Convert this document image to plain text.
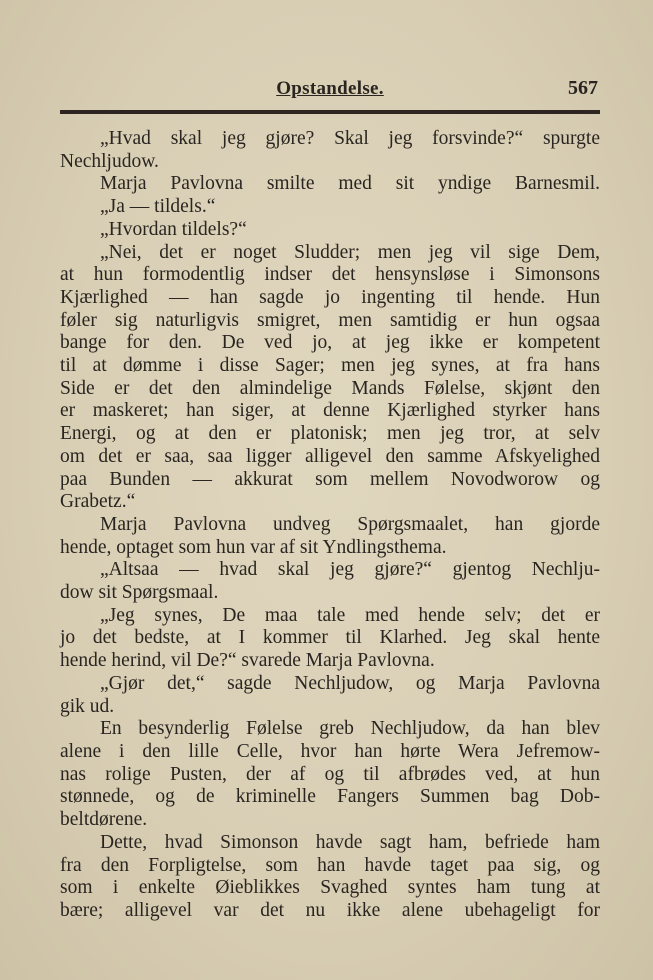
Opstandelse.	567
„Hvad skal jeg gjøre? Skal jeg forsvinde?“ spurgte
Nechljudow.
Marja Pavlovna smilte med sit yndige Barnesmil.
„Ja — tildels.“
„Hvordan tildels?“
„Nei, det er noget Sludder; men jeg vil sige Dem,
at hun formodentlig indser det hensynsløse i Simonsons
Kjærlighed — han sagde jo ingenting til hende. Hun
føler sig naturligvis smigret, men samtidig er hun ogsaa
bange for den. De ved jo, at jeg ikke er kompetent
til at dømme i disse Sager; men jeg synes, at fra hans
Side er det den almindelige Mands Følelse, skjønt den
er maskeret; han siger, at denne Kjærlighed styrker hans
Energi, og at den er platonisk; men jeg tror, at selv
om det er saa, saa ligger alligevel den samme Afskyelighed
paa Bunden — akkurat som mellem Novodworow og
Grabetz.“
Marja Pavlovna undveg Spørgsmaalet, han gjorde
hende, optaget som hun var af sit Yndlingsthema.
„Altsaa — hvad skal jeg gjøre?“ gjentog Nechlju-
dow sit Spørgsmaal.
„Jeg synes, De maa tale med hende selv; det er
jo det bedste, at I kommer til Klarhed. Jeg skal hente
hende herind, vil De?“ svarede Marja Pavlovna.
„Gjør det,“ sagde Nechljudow, og Marja Pavlovna
gik ud.
En besynderlig Følelse greb Nechljudow, da han blev
alene i den lille Celle, hvor han hørte Wera Jefremow-
nas rolige Pusten, der af og til afbrødes ved, at hun
stønnede, og de kriminelle Fangers Summen bag Dob-
beltdørene.
Dette, hvad Simonson havde sagt ham, befriede ham
fra den Forpligtelse, som han havde taget paa sig, og
som i enkelte Øieblikkes Svaghed syntes ham tung at
bære; alligevel var det nu ikke alene ubehageligt for
